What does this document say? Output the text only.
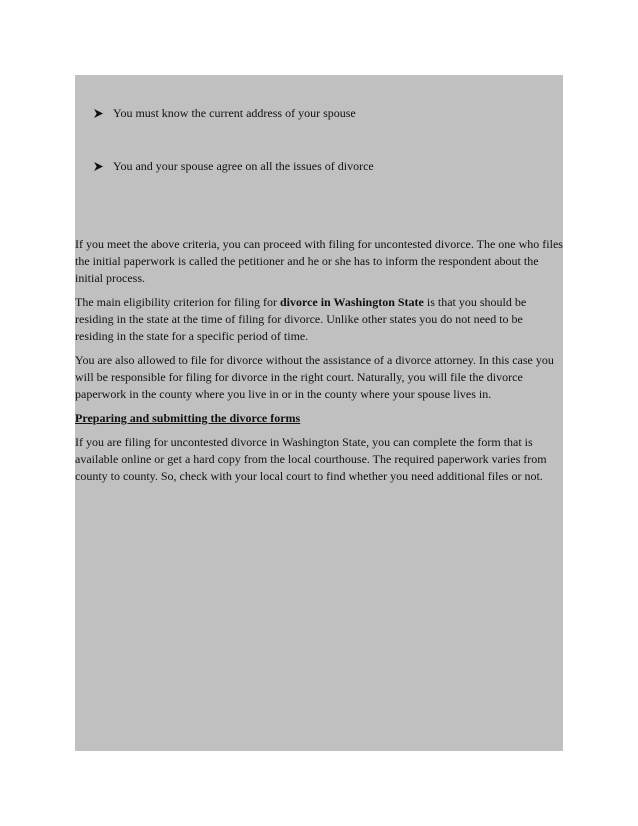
You must know the current address of your spouse
You and your spouse agree on all the issues of divorce

If you meet the above criteria, you can proceed with filing for uncontested divorce. The one who files the initial paperwork is called the petitioner and he or she has to inform the respondent about the initial process.

The main eligibility criterion for filing for divorce in Washington State is that you should be residing in the state at the time of filing for divorce. Unlike other states you do not need to be residing in the state for a specific period of time.

You are also allowed to file for divorce without the assistance of a divorce attorney. In this case you will be responsible for filing for divorce in the right court. Naturally, you will file the divorce paperwork in the county where you live in or in the county where your spouse lives in.

Preparing and submitting the divorce forms

If you are filing for uncontested divorce in Washington State, you can complete the form that is available online or get a hard copy from the local courthouse. The required paperwork varies from county to county. So, check with your local court to find whether you need additional files or not.
